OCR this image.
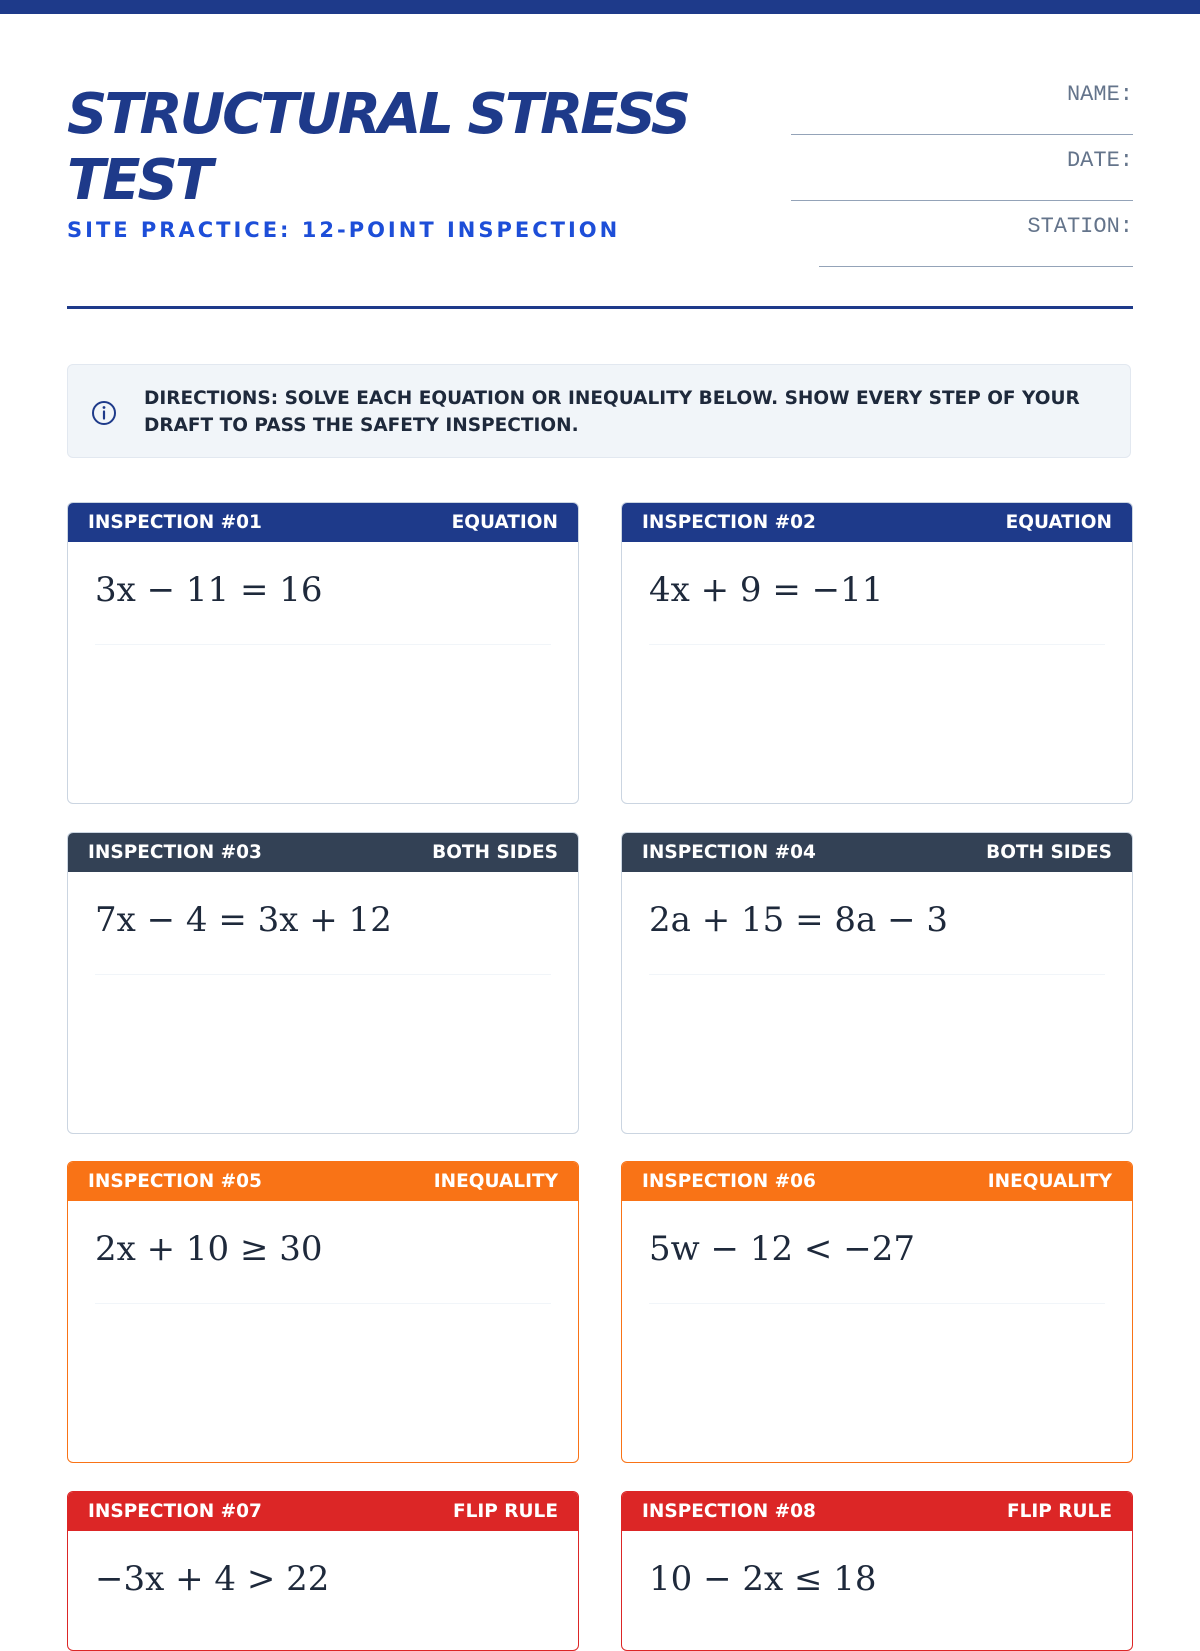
STRUCTURAL STRESS TEST
SITE PRACTICE: 12-POINT INSPECTION
NAME:
DATE:
STATION:
DIRECTIONS: SOLVE EACH EQUATION OR INEQUALITY BELOW. SHOW EVERY STEP OF YOUR DRAFT TO PASS THE SAFETY INSPECTION.
INSPECTION #01	EQUATION
3x − 11 = 16
INSPECTION #02	EQUATION
4x + 9 = −11
INSPECTION #03	BOTH SIDES
7x − 4 = 3x + 12
INSPECTION #04	BOTH SIDES
2a + 15 = 8a − 3
INSPECTION #05	INEQUALITY
2x + 10 ≥ 30
INSPECTION #06	INEQUALITY
5w − 12 < −27
INSPECTION #07	FLIP RULE
−3x + 4 > 22
INSPECTION #08	FLIP RULE
10 − 2x ≤ 18
